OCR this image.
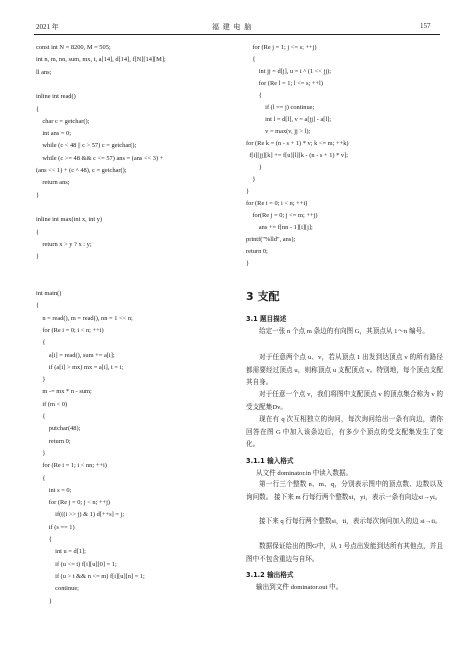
2021 年	福 建 电 脑	157
const int N = 8200, M = 505;
int n, m, nn, sum, mx, t, a[14], d[14], f[N][14][M];
ll ans;
inline int read()
{
char c = getchar();
int ans = 0;
while (c < 48 || c > 57) c = getchar();
while (c >= 48 && c <= 57) ans = (ans << 3) +
(ans << 1) + (c ^ 48), c = getchar();
return ans;
}
inline int max(int x, int y)
{
return x > y ? x : y;
}
int main()
{
n = read(), m = read(), nn = 1 << n;
for (Re i = 0; i < n; ++i)
{
a[i] = read(), sum += a[i];
if (a[i] > mx) mx = a[i], t = i;
}
m -= mx * n - sum;
if (m < 0)
{
putchar(48);
return 0;
}
for (Re i = 1; i < nn; ++i)
{
int s = 0;
for (Re j = 0; j < n; ++j)
if(((i >> j) & 1) d[++s] = j;
if (s == 1)
{
int u = d[1];
if (u <= t) f[i][u][0] = 1;
if (u > t && n <= m) f[i][u][n] = 1;
continue;
}
for (Re j = 1; j <= s; ++j)
{
int jj = d[j], u = i ^ (1 << jj);
for (Re l = 1; l <= s; ++l)
{
if (l == j) continue;
int l = d[l], v = a[jj] - a[l];
v = max(v, jj > l);
for (Re k = (n - s + 1) * v; k <= m; ++k)
f[i][jj][k] += f[u][l][k - (n - s + 1) * v];
}
}
}
for (Re i = 0; i < n; ++i)
for(Re j = 0; j <= m; ++j)
ans += f[nn - 1][i][j];
printf("%lld", ans);
return 0;
}
3 支配
3.1 题目描述
给定一张 n 个点 m 条边的有向图 G，其顶点从 1～n 编号。
对于任意两个点 u、v，若从顶点 1 出发到达顶点 v 的所有路径都需要经过顶点 u，则称顶点 u 支配顶点 v。特别地，每个顶点支配其自身。
对于任意一个点 v，我们将图中支配顶点 v 的顶点集合称为 v 的受支配集Dv。
现在有 q 次互相独立的询问，每次询问给出一条有向边，请你回答在图 G 中加入该条边后，有多少个顶点的受支配集发生了变化。
3.1.1 输入格式
从文件 dominator.in 中读入数据。
第一行三个整数 n、m、q，分别表示图中的顶点数、边数以及询问数。 接下来 m 行每行两个整数xi，yi，表示一条有向边xi→yi。
接下来 q 行每行两个整数si，ti，表示每次询问加入的边 si→ti。
数据保证给出的图G中，从 1 号点出发能到达所有其他点，并且图中不包含重边与自环。
3.1.2 输出格式
输出到文件 dominator.out 中。
